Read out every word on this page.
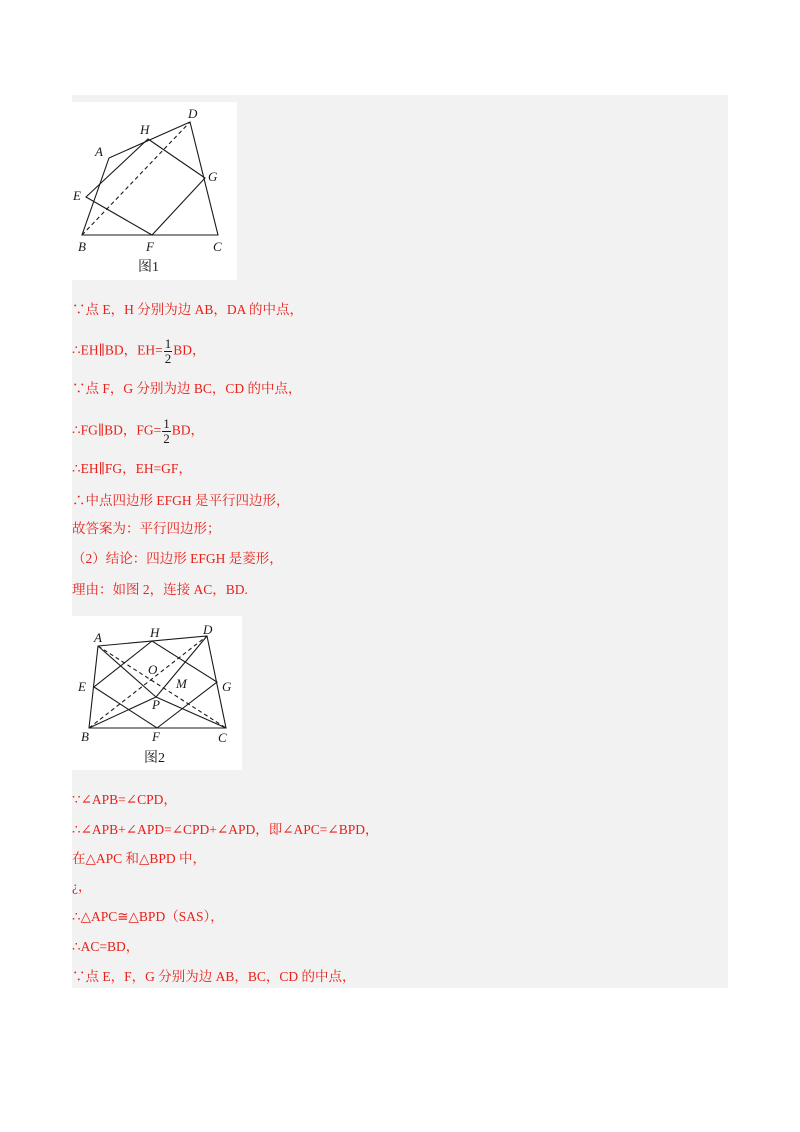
A
B	C
D
E
F
G
H
图1
∵点 E，H 分别为边 AB，DA 的中点，
∴EH∥BD，$EH= \frac{1}{2}$ BD，
∵点 F，G 分别为边 BC，CD 的中点，
∴FG∥BD，$FG= \frac{1}{2}$ BD，
∴EH∥FG，EH=GF，
∴中点四边形 EFGH 是平行四边形，
故答案为：平行四边形；
（2）结论：四边形 EFGH 是菱形，
理由：如图 2，连接 AC，BD.
A
B	C
D
E
F
G
H
O
M
P
图2
∵∠APB=∠CPD，
∴∠APB+∠APD=∠CPD+∠APD，即∠APC=∠BPD，
在△APC 和△BPD 中，
¿，
∴△APC≅△BPD（SAS），
∴AC=BD，
∵点 E，F，G 分别为边 AB，BC，CD 的中点，
